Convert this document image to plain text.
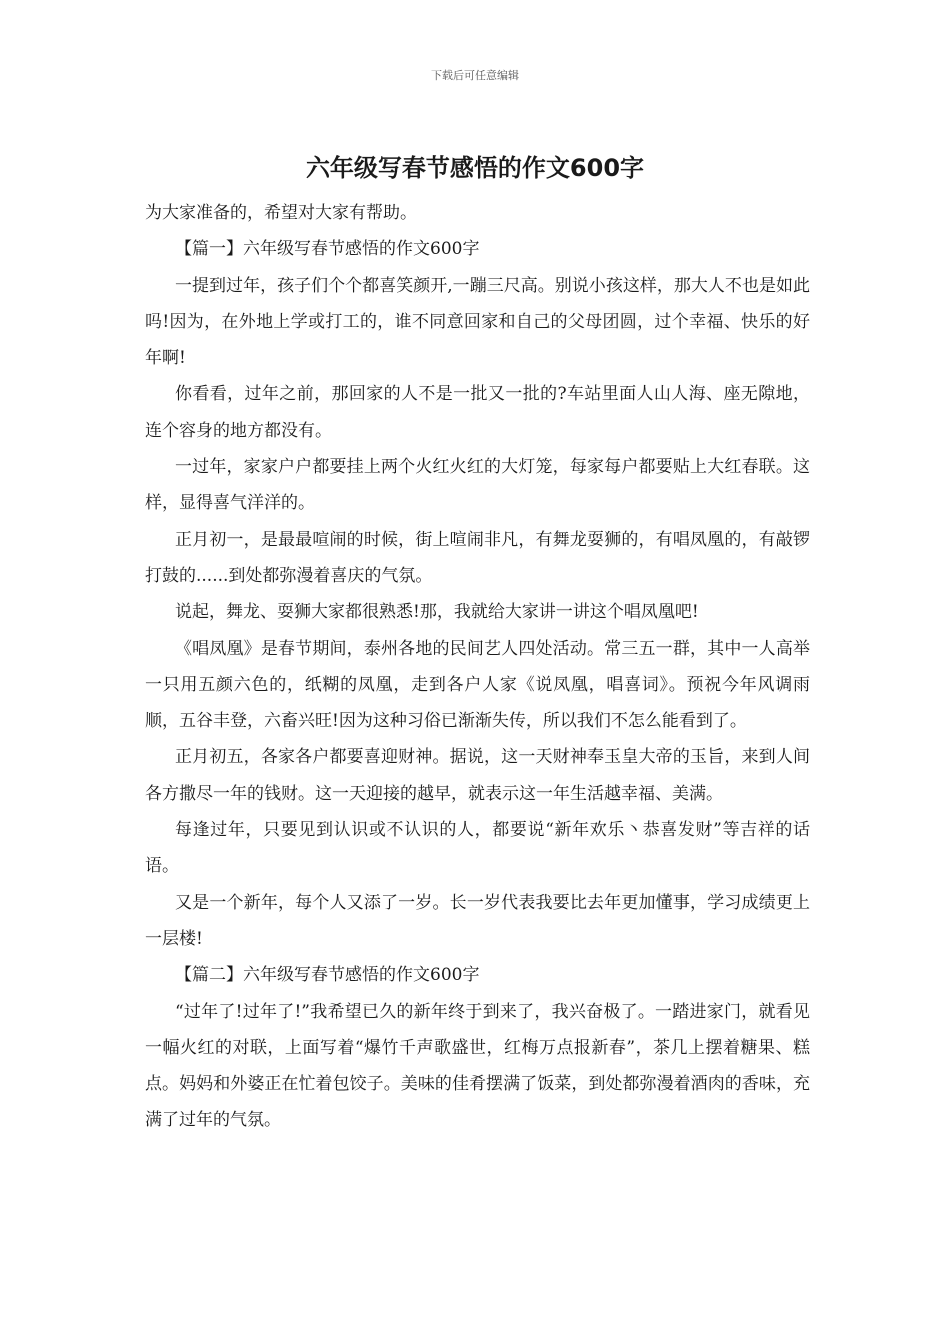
下载后可任意编辑
六年级写春节感悟的作文600字

为大家准备的，希望对大家有帮助。

【篇一】六年级写春节感悟的作文600字

一提到过年，孩子们个个都喜笑颜开,一蹦三尺高。别说小孩这样，那大人不也是如此吗!因为，在外地上学或打工的，谁不同意回家和自己的父母团圆，过个幸福、快乐的好年啊!

你看看，过年之前，那回家的人不是一批又一批的?车站里面人山人海、座无隙地，连个容身的地方都没有。

一过年，家家户户都要挂上两个火红火红的大灯笼，每家每户都要贴上大红春联。这样，显得喜气洋洋的。

正月初一，是最最喧闹的时候，街上喧闹非凡，有舞龙耍狮的，有唱凤凰的，有敲锣打鼓的......到处都弥漫着喜庆的气氛。

说起，舞龙、耍狮大家都很熟悉!那，我就给大家讲一讲这个唱凤凰吧!

《唱凤凰》是春节期间，泰州各地的民间艺人四处活动。常三五一群，其中一人高举一只用五颜六色的，纸糊的凤凰，走到各户人家《说凤凰，唱喜词》。预祝今年风调雨顺，五谷丰登，六畜兴旺!因为这种习俗已渐渐失传，所以我们不怎么能看到了。

正月初五，各家各户都要喜迎财神。据说，这一天财神奉玉皇大帝的玉旨，来到人间各方撒尽一年的钱财。这一天迎接的越早，就表示这一年生活越幸福、美满。

每逢过年，只要见到认识或不认识的人，都要说“新年欢乐丶恭喜发财”等吉祥的话语。

又是一个新年，每个人又添了一岁。长一岁代表我要比去年更加懂事，学习成绩更上一层楼!

【篇二】六年级写春节感悟的作文600字

“过年了!过年了!”我希望已久的新年终于到来了，我兴奋极了。一踏进家门，就看见一幅火红的对联，上面写着“爆竹千声歌盛世，红梅万点报新春”，茶几上摆着糖果、糕点。妈妈和外婆正在忙着包饺子。美味的佳肴摆满了饭菜，到处都弥漫着酒肉的香味，充满了过年的气氛。
